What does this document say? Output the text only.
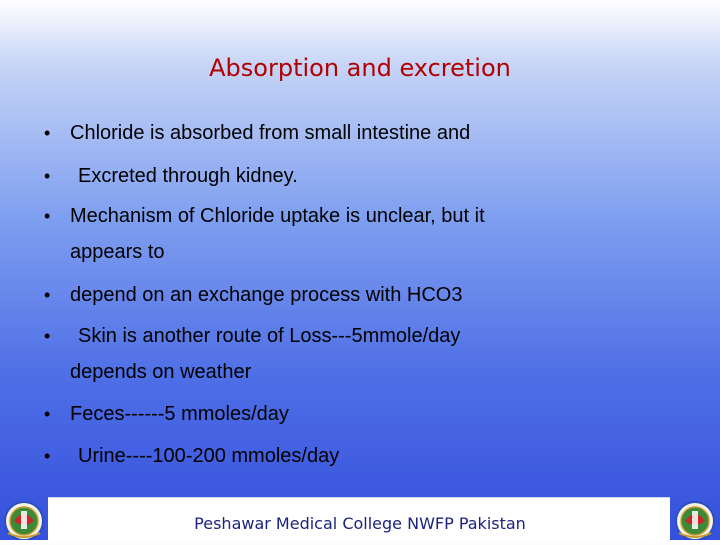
Absorption and excretion
• Chloride is absorbed from small intestine and
• Excreted through kidney.
• Mechanism of Chloride uptake is unclear, but it
appears to
• depend on an exchange process with HCO3
• Skin is another route of Loss---5mmole/day
depends on weather
• Feces------5 mmoles/day
• Urine----100-200 mmoles/day
Peshawar Medical College NWFP Pakistan
